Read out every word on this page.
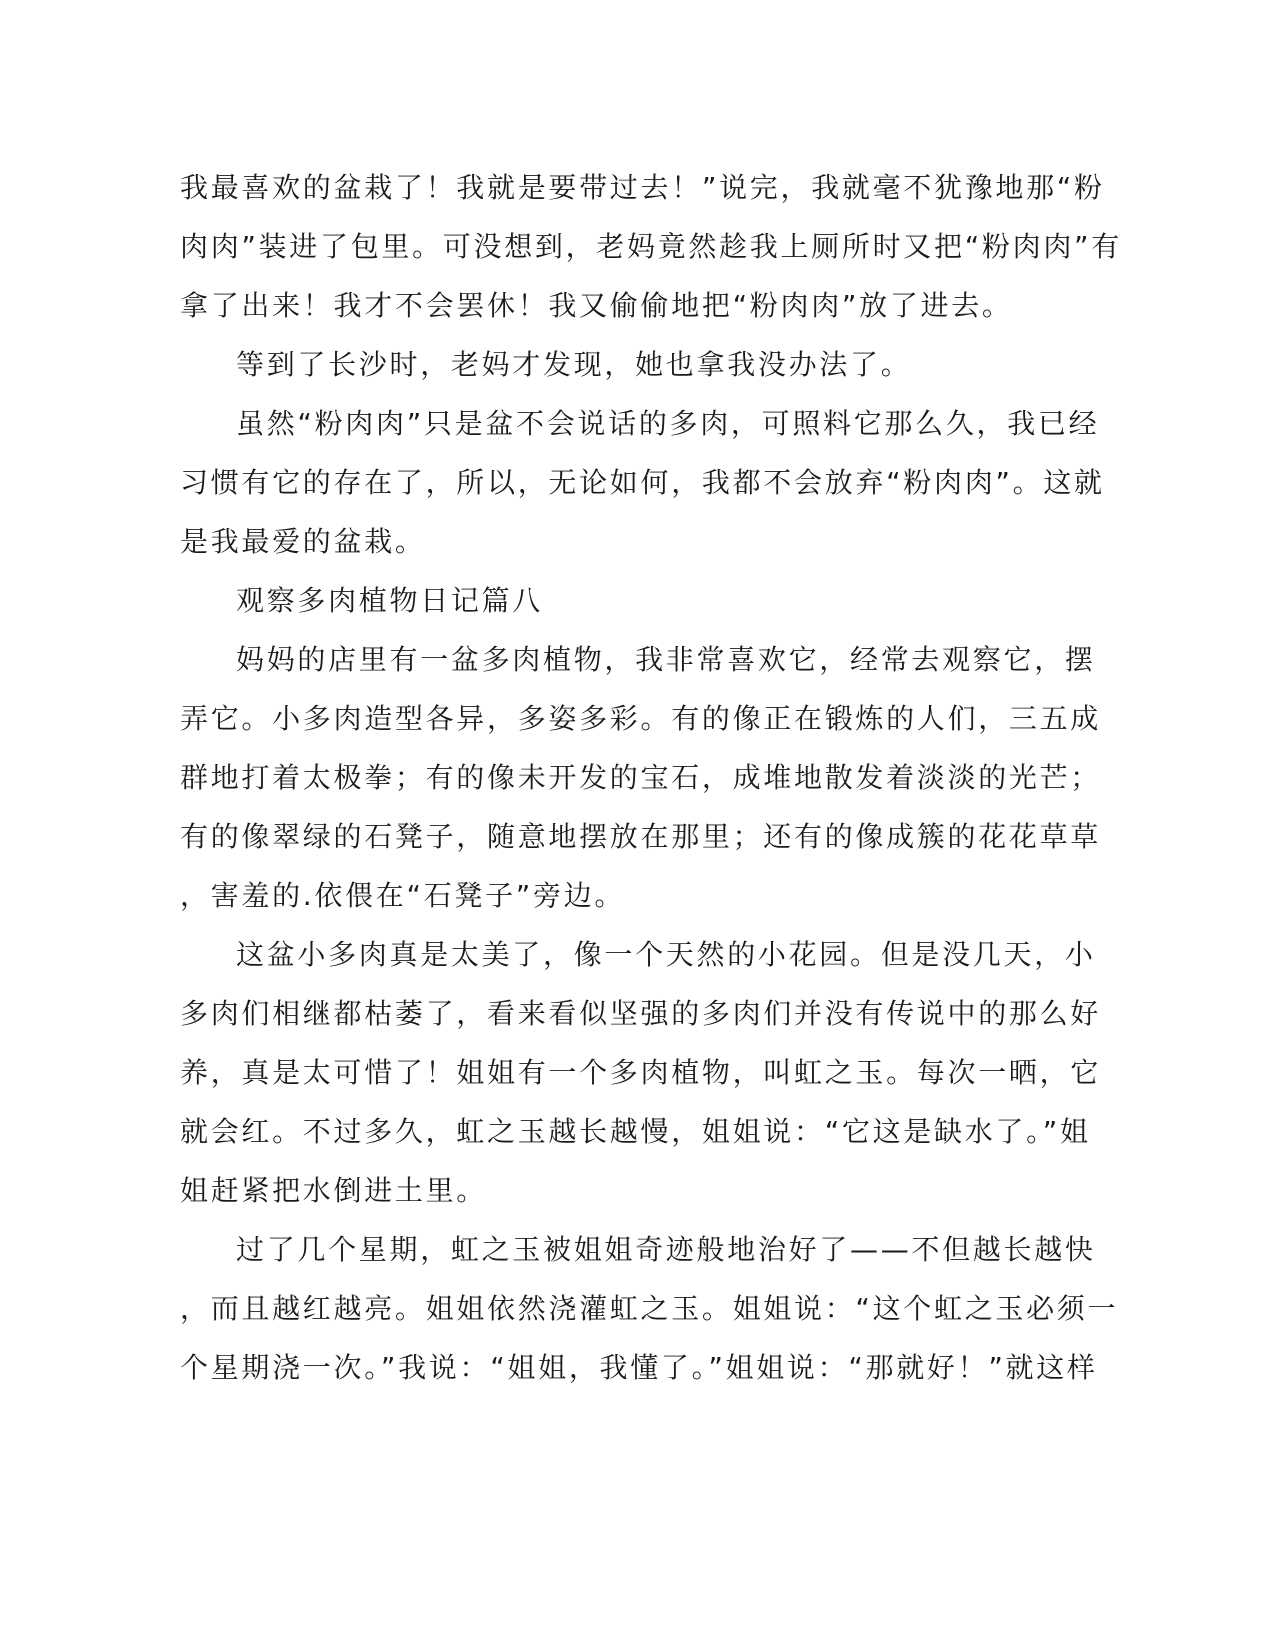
我最喜欢的盆栽了！我就是要带过去！”说完，我就毫不犹豫地那“粉
肉肉”装进了包里。可没想到，老妈竟然趁我上厕所时又把“粉肉肉”有
拿了出来！我才不会罢休！我又偷偷地把“粉肉肉”放了进去。

等到了长沙时，老妈才发现，她也拿我没办法了。

虽然“粉肉肉”只是盆不会说话的多肉，可照料它那么久，我已经
习惯有它的存在了，所以，无论如何，我都不会放弃“粉肉肉”。这就
是我最爱的盆栽。

观察多肉植物日记篇八

妈妈的店里有一盆多肉植物，我非常喜欢它，经常去观察它，摆
弄它。小多肉造型各异，多姿多彩。有的像正在锻炼的人们，三五成
群地打着太极拳；有的像未开发的宝石，成堆地散发着淡淡的光芒；
有的像翠绿的石凳子，随意地摆放在那里；还有的像成簇的花花草草
，害羞的.依偎在“石凳子”旁边。

这盆小多肉真是太美了，像一个天然的小花园。但是没几天，小
多肉们相继都枯萎了，看来看似坚强的多肉们并没有传说中的那么好
养，真是太可惜了！姐姐有一个多肉植物，叫虹之玉。每次一晒，它
就会红。不过多久，虹之玉越长越慢，姐姐说：“它这是缺水了。”姐
姐赶紧把水倒进土里。

过了几个星期，虹之玉被姐姐奇迹般地治好了——不但越长越快
，而且越红越亮。姐姐依然浇灌虹之玉。姐姐说：“这个虹之玉必须一
个星期浇一次。”我说：“姐姐，我懂了。”姐姐说：“那就好！”就这样
